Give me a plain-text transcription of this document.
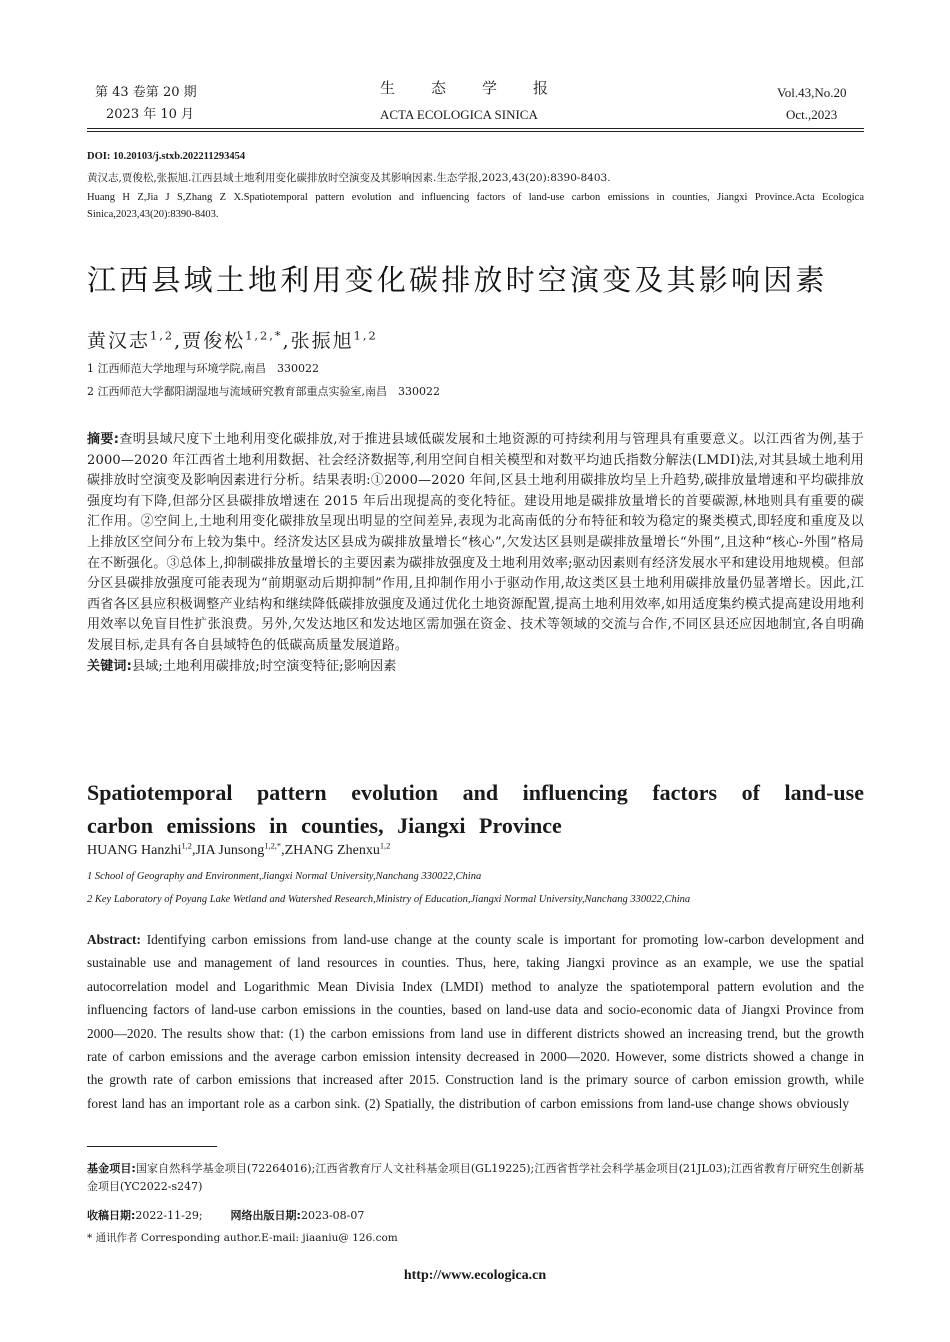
第 43 卷第 20 期
2023 年 10 月
生　　态　　学　　报
ACTA ECOLOGICA SINICA
Vol.43,No.20
Oct.,2023
DOI: 10.20103/j.stxb.202211293454
黄汉志,贾俊松,张振旭.江西县域土地利用变化碳排放时空演变及其影响因素.生态学报,2023,43(20):8390-8403.
Huang H Z,Jia J S,Zhang Z X.Spatiotemporal pattern evolution and influencing factors of land-use carbon emissions in counties, Jiangxi Province.Acta Ecologica Sinica,2023,43(20):8390-8403.
江西县域土地利用变化碳排放时空演变及其影响因素
黄汉志$^{1,2}$,贾俊松$^{1,2,*}$,张振旭$^{1,2}$
1 江西师范大学地理与环境学院,南昌　330022
2 江西师范大学鄱阳湖湿地与流域研究教育部重点实验室,南昌　330022
摘要:查明县域尺度下土地利用变化碳排放,对于推进县域低碳发展和土地资源的可持续利用与管理具有重要意义。以江西省为例,基于 2000—2020 年江西省土地利用数据、社会经济数据等,利用空间自相关模型和对数平均迪氏指数分解法(LMDI)法,对其县域土地利用碳排放时空演变及影响因素进行分析。结果表明:①2000—2020 年间,区县土地利用碳排放均呈上升趋势,碳排放量增速和平均碳排放强度均有下降,但部分区县碳排放增速在 2015 年后出现提高的变化特征。建设用地是碳排放量增长的首要碳源,林地则具有重要的碳汇作用。②空间上,土地利用变化碳排放呈现出明显的空间差异,表现为北高南低的分布特征和较为稳定的聚类模式,即轻度和重度及以上排放区空间分布上较为集中。经济发达区县成为碳排放量增长“核心”,欠发达区县则是碳排放量增长“外围”,且这种“核心-外围”格局在不断强化。③总体上,抑制碳排放量增长的主要因素为碳排放强度及土地利用效率;驱动因素则有经济发展水平和建设用地规模。但部分区县碳排放强度可能表现为“前期驱动后期抑制”作用,且抑制作用小于驱动作用,故这类区县土地利用碳排放量仍显著增长。因此,江西省各区县应积极调整产业结构和继续降低碳排放强度及通过优化土地资源配置,提高土地利用效率,如用适度集约模式提高建设用地利用效率以免盲目性扩张浪费。另外,欠发达地区和发达地区需加强在资金、技术等领域的交流与合作,不同区县还应因地制宜,各自明确发展目标,走具有各自县域特色的低碳高质量发展道路。
关键词:县域;土地利用碳排放;时空演变特征;影响因素
Spatiotemporal pattern evolution and influencing factors of land-use carbon emissions in counties, Jiangxi Province
HUANG Hanzhi$^{1,2}$,JIA Junsong$^{1,2,*}$,ZHANG Zhenxu$^{1,2}$
1 School of Geography and Environment,Jiangxi Normal University,Nanchang 330022,China
2 Key Laboratory of Poyang Lake Wetland and Watershed Research,Ministry of Education,Jiangxi Normal University,Nanchang 330022,China
Abstract: Identifying carbon emissions from land-use change at the county scale is important for promoting low-carbon development and sustainable use and management of land resources in counties. Thus, here, taking Jiangxi province as an example, we use the spatial autocorrelation model and Logarithmic Mean Divisia Index (LMDI) method to analyze the spatiotemporal pattern evolution and the influencing factors of land-use carbon emissions in the counties, based on land-use data and socio-economic data of Jiangxi Province from 2000—2020. The results show that: (1) the carbon emissions from land use in different districts showed an increasing trend, but the growth rate of carbon emissions and the average carbon emission intensity decreased in 2000—2020. However, some districts showed a change in the growth rate of carbon emissions that increased after 2015. Construction land is the primary source of carbon emission growth, while forest land has an important role as a carbon sink. (2) Spatially, the distribution of carbon emissions from land-use change shows obviously
基金项目:国家自然科学基金项目(72264016);江西省教育厅人文社科基金项目(GL19225);江西省哲学社会科学基金项目(21JL03);江西省教育厅研究生创新基金项目(YC2022-s247)
收稿日期:2022-11-29;	网络出版日期:2023-08-07
* 通讯作者 Corresponding author.E-mail: jiaaniu@ 126.com
http://www.ecologica.cn
